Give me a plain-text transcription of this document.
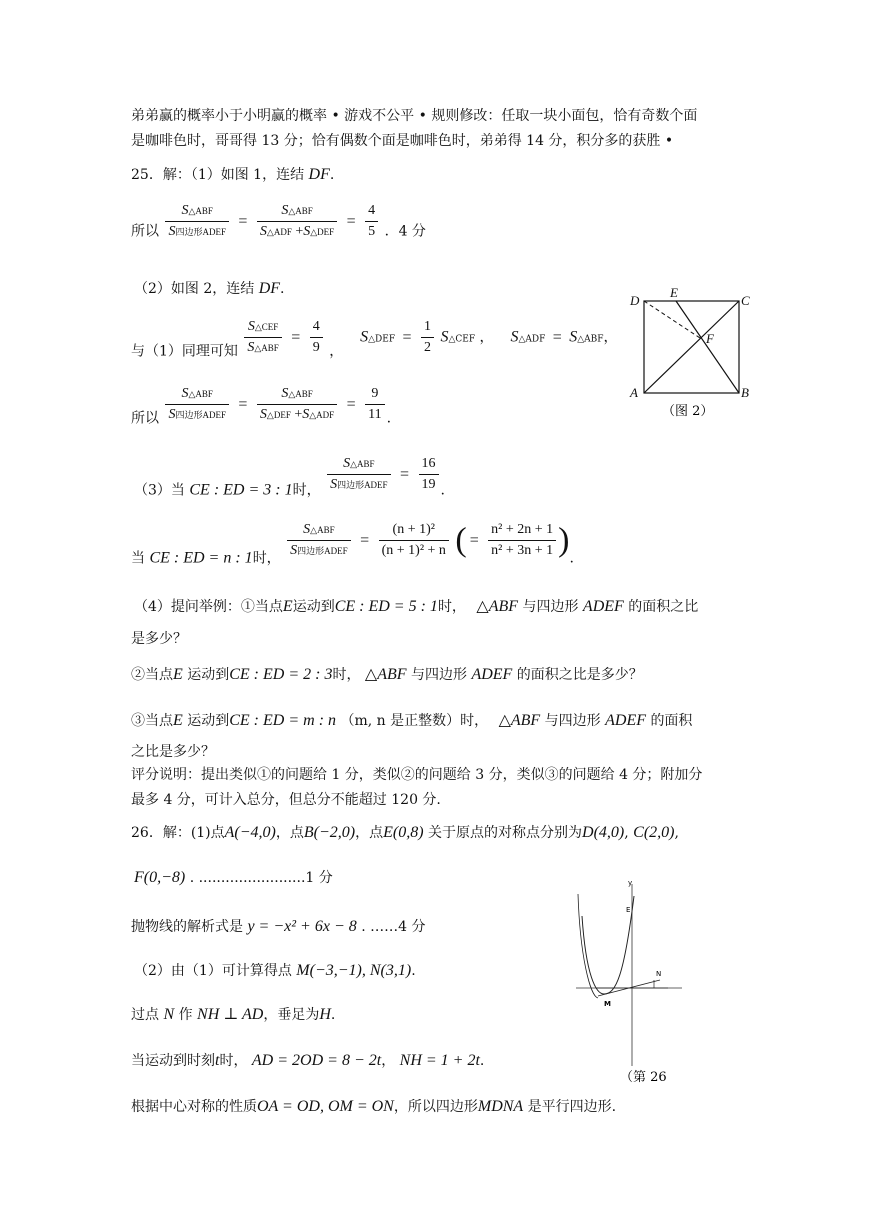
弟弟赢的概率小于小明赢的概率 • 游戏不公平 • 规则修改：任取一块小面包，恰有奇数个面
是咖啡色时，哥哥得 13 分；恰有偶数个面是咖啡色时，弟弟得 14 分，积分多的获胜 •
25．解：（1）如图 1，连结 DF.
所以 $\frac{\text{S△ABF}}{\text{S四边形ADEF}} = \frac{\text{S△ABF}}{\text{S△ADF +S△DEF}} = \frac{4}{5}$ ．4 分
（2）如图 2，连结 DF.
与（1）同理可知 $\frac{\text{S△CEF}}{\text{S△ABF}} = \frac{4}{9}$ ，  S△DEF = $\frac{1}{2}$ S△CEF ， S△ADF = S△ABF，
所以 $\frac{\text{S△ABF}}{\text{S四边形ADEF}} = \frac{\text{S△ABF}}{\text{S△DEF +S△ADF}} = \frac{9}{11}$ .
（3）当 CE : ED = 3 : 1时， $\frac{\text{S△ABF}}{\text{S四边形ADEF}} = \frac{16}{19}$ .
当 CE : ED = n : 1时， $\frac{\text{S△ABF}}{\text{S四边形ADEF}} = \frac{\text{(n + 1)²}}{\text{(n + 1)² + n}}$ ( = $\frac{\text{n² + 2n + 1}}{\text{n² + 3n + 1}}$ ).
（4）提问举例：①当点E运动到CE : ED = 5 : 1时， △ABF 与四边形 ADEF 的面积之比
是多少？
②当点E 运动到CE : ED = 2 : 3时， △ABF 与四边形 ADEF 的面积之比是多少？
③当点E 运动到CE : ED = m : n （m, n 是正整数）时， △ABF 与四边形 ADEF 的面积
之比是多少？
评分说明：提出类似①的问题给 1 分，类似②的问题给 3 分，类似③的问题给 4 分；附加分
最多 4 分，可计入总分，但总分不能超过 120 分.
26．解：(1)点A(−4,0)，点B(−2,0)，点E(0,8) 关于原点的对称点分别为D(4,0), C(2,0),
F(0,−8) . ........................1 分
抛物线的解析式是 y = −x² + 6x − 8 . ……4 分
（2）由（1）可计算得点 M(−3,−1), N(3,1).
过点 N 作 NH ⊥ AD，垂足为H.
当运动到时刻t时， AD = 2OD = 8 − 2t， NH = 1 + 2t.
根据中心对称的性质OA = OD, OM = ON，所以四边形MDNA 是平行四边形.
D
E
C
F
A	B
（图 2）
y
E
M
N
（第 26
